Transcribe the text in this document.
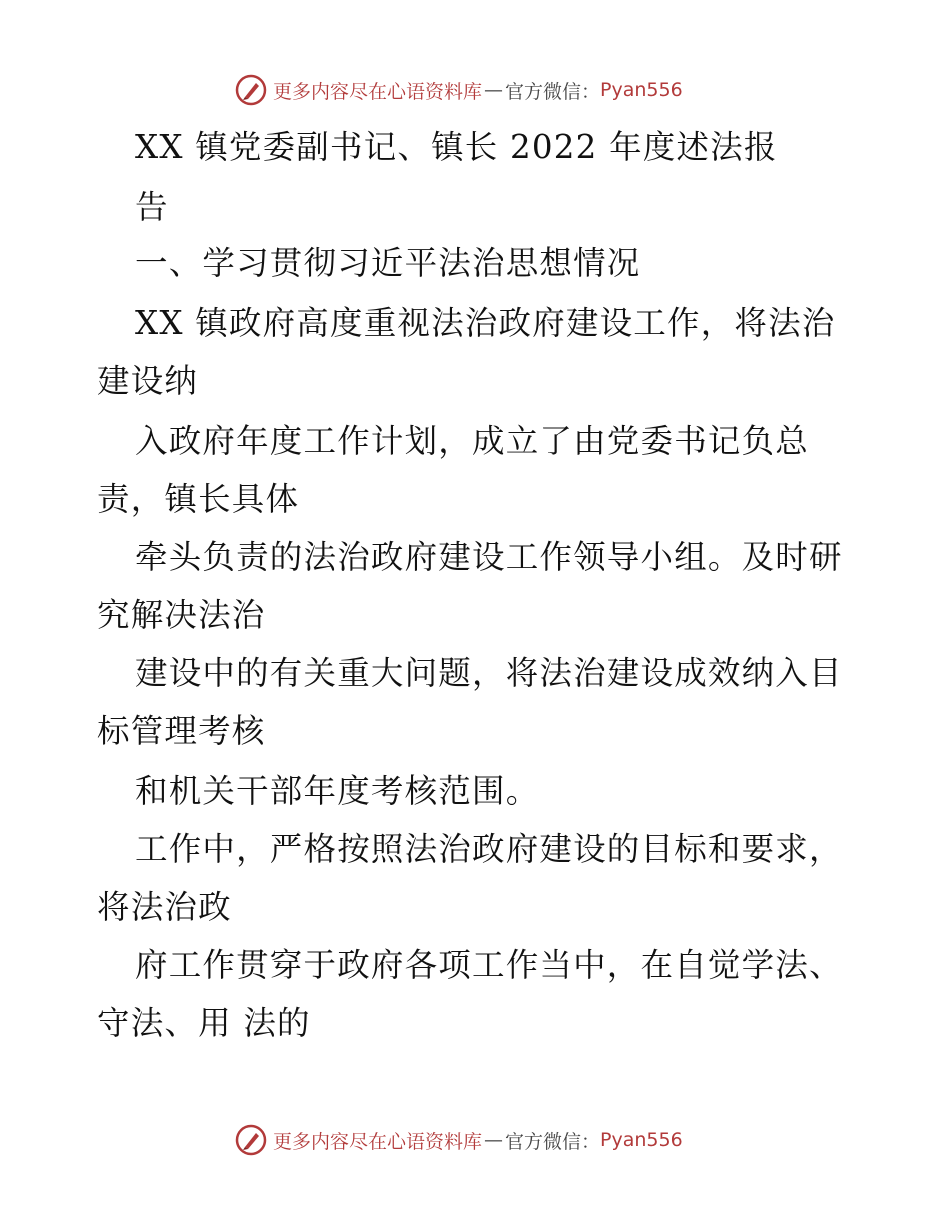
更多内容尽在心语资料库 — 官方微信： Pyan556
XX 镇党委副书记、镇长 2022 年度述法报
告
一、学习贯彻习近平法治思想情况
XX 镇政府高度重视法治政府建设工作，将法治
建设纳
入政府年度工作计划，成立了由党委书记负总
责，镇长具体
牵头负责的法治政府建设工作领导小组。及时研
究解决法治
建设中的有关重大问题，将法治建设成效纳入目
标管理考核
和机关干部年度考核范围。
工作中，严格按照法治政府建设的目标和要求，
将法治政
府工作贯穿于政府各项工作当中，在自觉学法、
守法、用 法的
更多内容尽在心语资料库 — 官方微信： Pyan556
